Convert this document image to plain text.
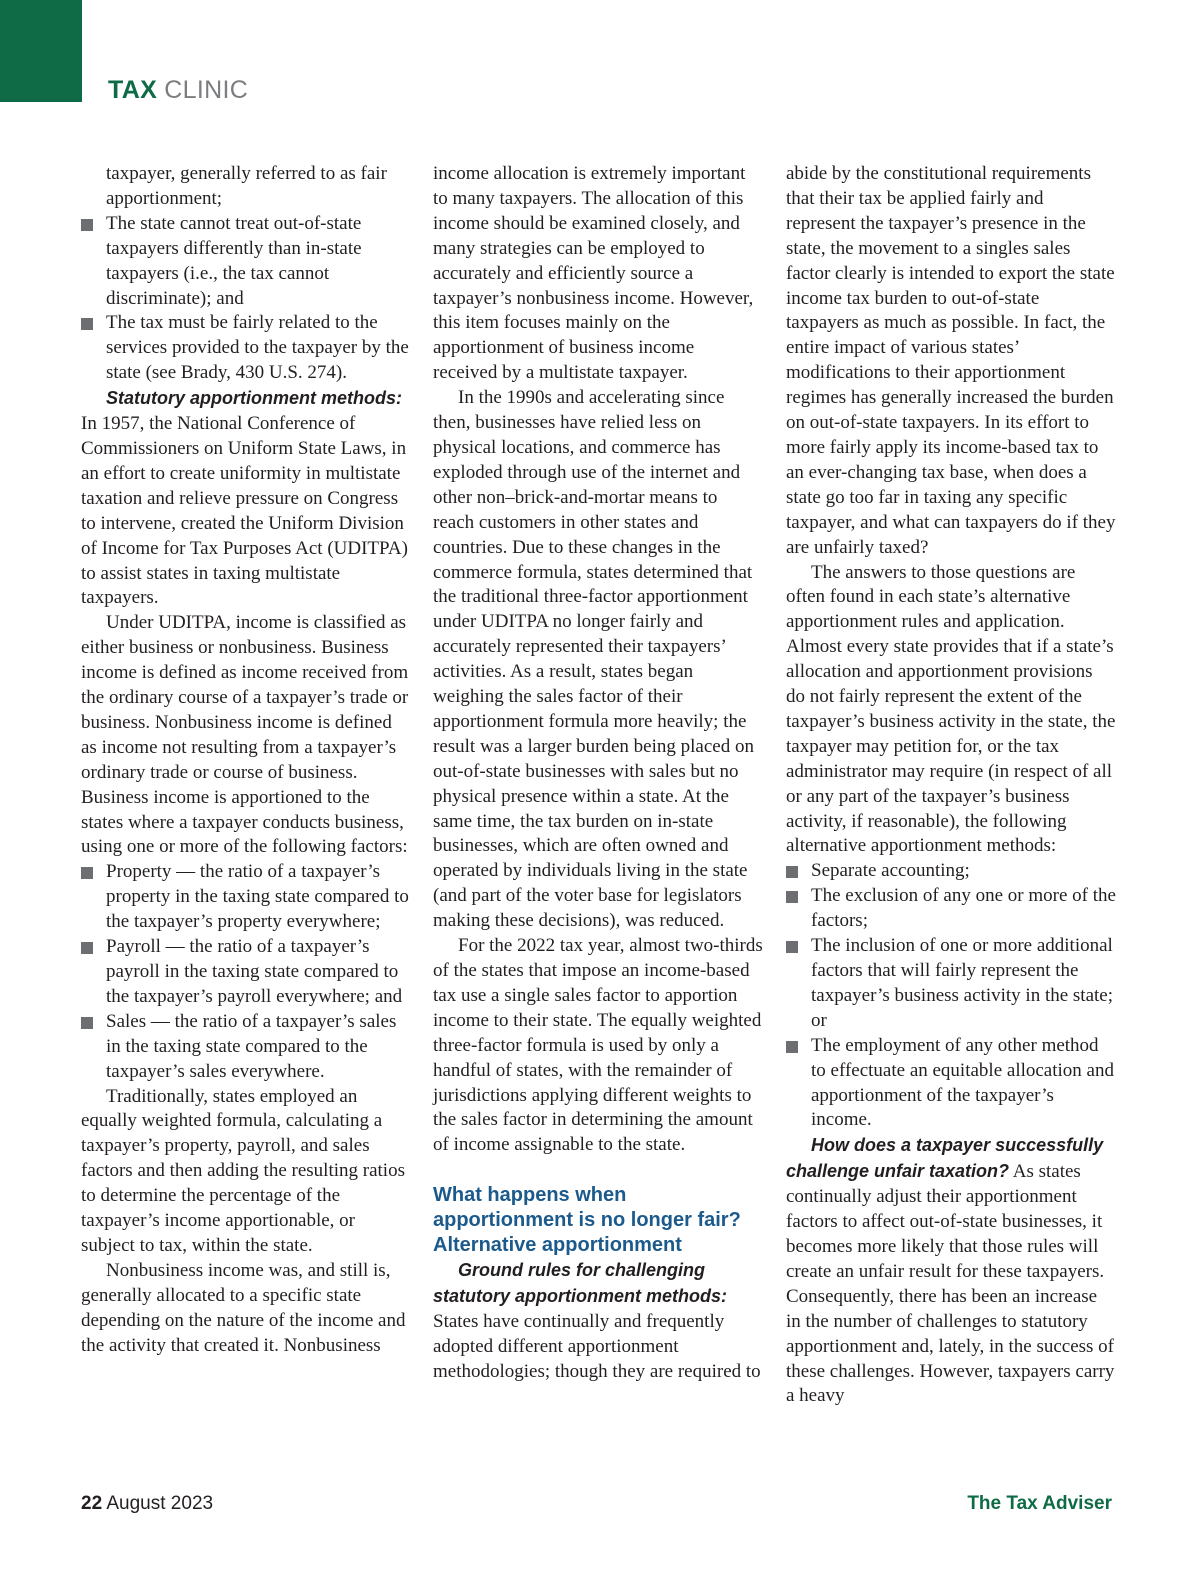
TAX CLINIC

taxpayer, generally referred to as fair apportionment;

The state cannot treat out-of-state taxpayers differently than in-state taxpayers (i.e., the tax cannot discriminate); and

The tax must be fairly related to the services provided to the taxpayer by the state (see Brady, 430 U.S. 274).

Statutory apportionment methods: In 1957, the National Conference of Commissioners on Uniform State Laws, in an effort to create uniformity in multistate taxation and relieve pressure on Congress to intervene, created the Uniform Division of Income for Tax Purposes Act (UDITPA) to assist states in taxing multistate taxpayers.

Under UDITPA, income is classified as either business or nonbusiness. Business income is defined as income received from the ordinary course of a taxpayer’s trade or business. Nonbusiness income is defined as income not resulting from a taxpayer’s ordinary trade or course of business. Business income is apportioned to the states where a taxpayer conducts business, using one or more of the following factors:

Property — the ratio of a taxpayer’s property in the taxing state compared to the taxpayer’s property everywhere;

Payroll — the ratio of a taxpayer’s payroll in the taxing state compared to the taxpayer’s payroll everywhere; and

Sales — the ratio of a taxpayer’s sales in the taxing state compared to the taxpayer’s sales everywhere.

Traditionally, states employed an equally weighted formula, calculating a taxpayer’s property, payroll, and sales factors and then adding the resulting ratios to determine the percentage of the taxpayer’s income apportionable, or subject to tax, within the state.

Nonbusiness income was, and still is, generally allocated to a specific state depending on the nature of the income and the activity that created it. Nonbusiness

income allocation is extremely important to many taxpayers. The allocation of this income should be examined closely, and many strategies can be employed to accurately and efficiently source a taxpayer’s nonbusiness income. However, this item focuses mainly on the apportionment of business income received by a multistate taxpayer.

In the 1990s and accelerating since then, businesses have relied less on physical locations, and commerce has exploded through use of the internet and other non–brick-and-mortar means to reach customers in other states and countries. Due to these changes in the commerce formula, states determined that the traditional three-factor apportionment under UDITPA no longer fairly and accurately represented their taxpayers’ activities. As a result, states began weighing the sales factor of their apportionment formula more heavily; the result was a larger burden being placed on out-of-state businesses with sales but no physical presence within a state. At the same time, the tax burden on in-state businesses, which are often owned and operated by individuals living in the state (and part of the voter base for legislators making these decisions), was reduced.

For the 2022 tax year, almost two-thirds of the states that impose an income-based tax use a single sales factor to apportion income to their state. The equally weighted three-factor formula is used by only a handful of states, with the remainder of jurisdictions applying different weights to the sales factor in determining the amount of income assignable to the state.

What happens when apportionment is no longer fair? Alternative apportionment

Ground rules for challenging statutory apportionment methods: States have continually and frequently adopted different apportionment methodologies; though they are required to

abide by the constitutional requirements that their tax be applied fairly and represent the taxpayer’s presence in the state, the movement to a singles sales factor clearly is intended to export the state income tax burden to out-of-state taxpayers as much as possible. In fact, the entire impact of various states’ modifications to their apportionment regimes has generally increased the burden on out-of-state taxpayers. In its effort to more fairly apply its income-based tax to an ever-changing tax base, when does a state go too far in taxing any specific taxpayer, and what can taxpayers do if they are unfairly taxed?

The answers to those questions are often found in each state’s alternative apportionment rules and application. Almost every state provides that if a state’s allocation and apportionment provisions do not fairly represent the extent of the taxpayer’s business activity in the state, the taxpayer may petition for, or the tax administrator may require (in respect of all or any part of the taxpayer’s business activity, if reasonable), the following alternative apportionment methods:

Separate accounting;

The exclusion of any one or more of the factors;

The inclusion of one or more additional factors that will fairly represent the taxpayer’s business activity in the state; or

The employment of any other method to effectuate an equitable allocation and apportionment of the taxpayer’s income.

How does a taxpayer successfully challenge unfair taxation? As states continually adjust their apportionment factors to affect out-of-state businesses, it becomes more likely that those rules will create an unfair result for these taxpayers. Consequently, there has been an increase in the number of challenges to statutory apportionment and, lately, in the success of these challenges. However, taxpayers carry a heavy

22 August 2023	The Tax Adviser
